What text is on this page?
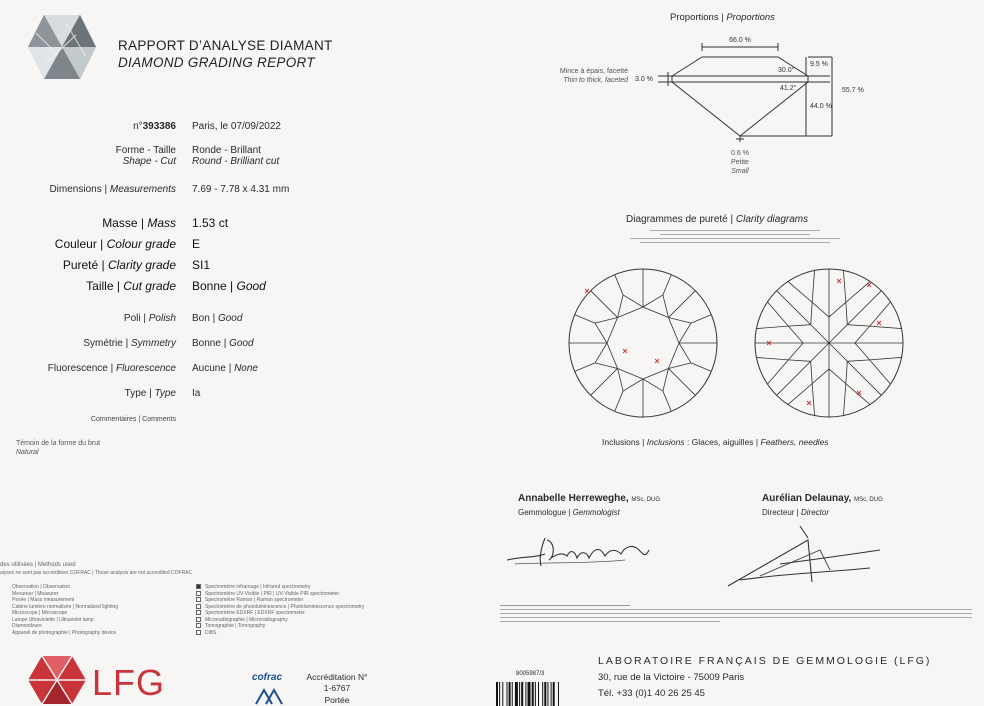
RAPPORT D’ANALYSE DIAMANT
DIAMOND GRADING REPORT
n°393386 Paris, le 07/09/2022
Forme - Taille
Shape - Cut
Ronde - Brillant
Round - Brilliant cut
Dimensions | Measurements 7.69 - 7.78 x 4.31 mm
Masse | Mass 1.53 ct
Couleur | Colour grade E
Pureté | Clarity grade SI1
Taille | Cut grade Bonne | Good
Poli | Polish Bon | Good
Symétrie | Symmetry Bonne | Good
Fluorescence | Fluorescence Aucune | None
Type | Type Ia
Commentaires | Comments
Témoin de la forme du brut
Natural
des utilisées | Methods used
alyses ne sont pas accréditées COFRAC | Those analysis are not accredited COFRAC
Observation | Observation
Mesureur | Measurer
Pesée | Mass measurement
Cabine lumière normalisée | Normalized lighting
Microscope | Microscope
Lampe Ultraviolette | Ultraviolet lamp
Diamondsure
Appareil de photographie | Photography device
Spectromètre infrarouge | Infrared spectrometry
Spectromètre UV-Visible | PIR | UV-Visible PIR spectrometer
Spectromètre Raman | Raman spectrometer
Spectromètre de photoluminescence | Photoluminescence spectrometry
Spectromètre EDXRF | EDXRF spectrometer
Microradiographie | Microradiography
Tomographie | Tomography
DiBS
Proportions | Proportions
66.0 %
30.0°
41.2°
9.5 %
44.0 %
55.7 %
3.0 %
Mince à épais, facetté
Thin to thick, faceted
0.6 %
Petite
Small
Diagrammes de pureté | Clarity diagrams
Inclusions | Inclusions : Glaces, aiguilles | Feathers, needles
Annabelle Herreweghe, MSc, DUG
Gemmologue | Gemmologist
Aurélian Delaunay, MSc, DUG
Directeur | Director
LFG	cofrac	Accréditation N°
1-6767
Portée
8005987/3
LABORATOIRE FRANÇAIS DE GEMMOLOGIE (LFG)
30, rue de la Victoire - 75009 Paris
Tél. +33 (0)1 40 26 25 45
